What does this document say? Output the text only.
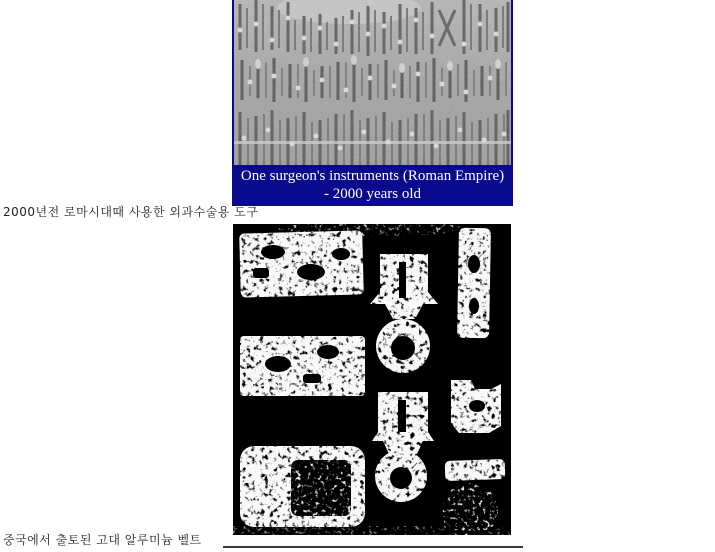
One surgeon's instruments (Roman Empire)
- 2000 years old

2000년전 로마시대때 사용한 외과수술용 도구

중국에서 출토된 고대 알루미늄 벨트
